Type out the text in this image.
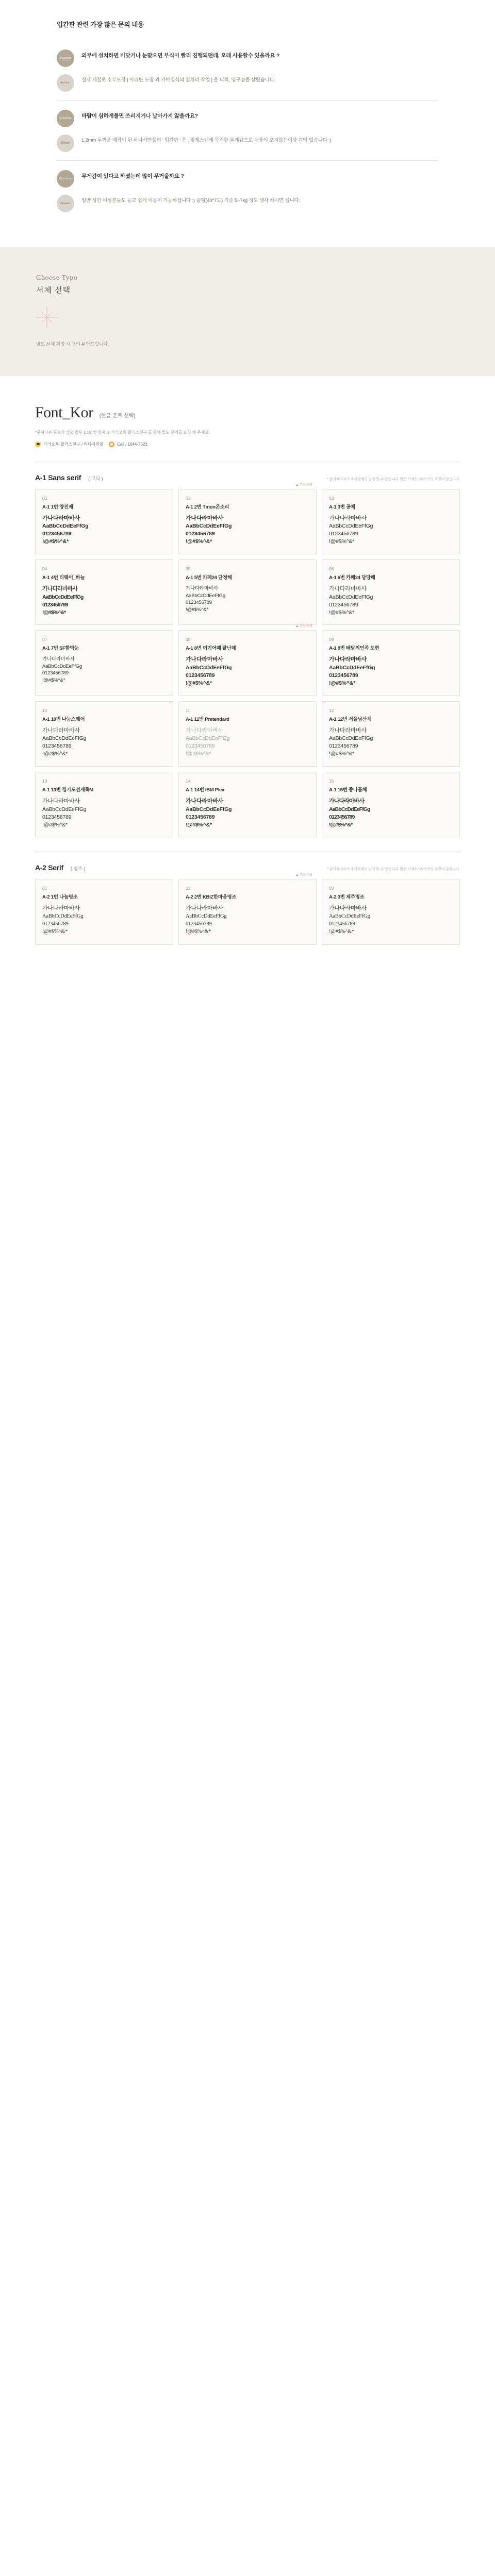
입간판 관련 가장 많은 문의 내용
Question	외부에 설치하면 비닷거나 눈맞으면 부식이 빨리 진행되던데, 오래 사용할수 있을까요 ?
Answer	철제 재질로 소부도장 [ 아레탄 도장 과 가마열식의 열처리 작업 ] 을 디쳐, 영구성을 살렸습니다.
Question	바람이 심하게불면 쓰러지거나 날아가지 않을까요?
Answer	1.2mm 두꺼운 제작이 된 하나사만몰의 ' 입간판 ' 은 , 철제스탠에 묵직한 무게감으로 태풍이 오지않는이상 끄떡 없습니다 :)
Question	무게감이 있다고 하셨는데 많이 무거울까요 ?
Answer	일반 성인 여성분들도 들고 쉽게 이동이 가능하십니다 :) 중형(40*7도) 기준 5~7kg 정도 생각 하시면 됩니다.
Choose Typo
서체 선택
별도 서체 희망 시 문의 부탁드립니다.
Font_Kor (한글 폰트 선택)
*문자나는 폰트가 앞을 경우 1:1번쩜 휴폐 or 카카오톡 플러스친구 를 통해 별도 문의를 요청 해 주세요.
카카오톡 플러스친구 / 하나사만몰	Call / 1644-7523
A-1 Sans serif ( 고딕 )	* 굵기체따따의 추가굴체인 발생 있 수 있습니다. 밝은 서체는 UV코인팅 추천되 않습니다.
01
A-1 1번 양진제
가나다라마바사
AaBbCcDdEeFfGg
0123456789
!@#$%^&*
▲ 추천서체
02
A-1 2번 Tmon온소리
가나다라마바사
AaBbCcDdEeFfGg
0123456789
!@#$%^&*
03
A-1 3번 공체
가나다라마바사
AaBbCcDdEeFfGg
0123456789
!@#$%^&*
04
A-1 4번 티웨이_하늘
가나다라마바사
AaBbCcDdEeFfGg
0123456789
!@#$%^&*
05
A-1 5번 카페24 단정해
가나다라마바사
AaBbCcDdEeFfGg
0123456789
!@#$%^&*
06
A-1 6번 카페24 당당해
가나다라마바사
AaBbCcDdEeFfGg
0123456789
!@#$%^&*
07
A-1 7번 SF함박눈
가나다라마바사
AaBbCcDdEeFfGg
0123456789
!@#$%^&*
▲ 추천서체
08
A-1 8번 여기어때 잘난체
가나다라마바사
AaBbCcDdEeFfGg
0123456789
!@#$%^&*
09
A-1 9번 배달의민족 도현
가나다라마바사
AaBbCcDdEeFfGg
0123456789
!@#$%^&*
10
A-1 10번 나눔스퀘어
가나다라마바사
AaBbCcDdEeFfGg
0123456789
!@#$%^&*
11
A-1 11번 Pretendard
가나다라마바사
AaBbCcDdEeFfGg
0123456789
!@#$%^&*
12
A-1 12번 서울남산체
가나다라마바사
AaBbCcDdEeFfGg
0123456789
!@#$%^&*
13
A-1 13번 경기도선재목M
가나다라마바사
AaBbCcDdEeFfGg
0123456789
!@#$%^&*
14
A-1 14번 IBM Plex
가나다라마바사
AaBbCcDdEeFfGg
0123456789
!@#$%^&*
15
A-1 15번 중나훌체
가나다라마바사
AaBbCcDdEeFfGg
0123456789
!@#$%^&*
A-2 Serif ( 명조 )	* 굵기체따따의 추가굴체인 발생 있 수 있습니다. 밝은 서체는 UV코인팅 추천되 않습니다.
01
A-2 1번 나눔명조
가나다라마바사
AaBbCcDdEeFfGg
0123456789
!@#$%^&*
▲ 추천서체
02
A-2 2번 KBIZ한마음명조
가나다라마바사
AaBbCcDdEeFfGg
0123456789
!@#$%^&*
03
A-2 3번 제주명조
가나다라마바사
AaBbCcDdEeFfGg
0123456789
!@#$%^&*
